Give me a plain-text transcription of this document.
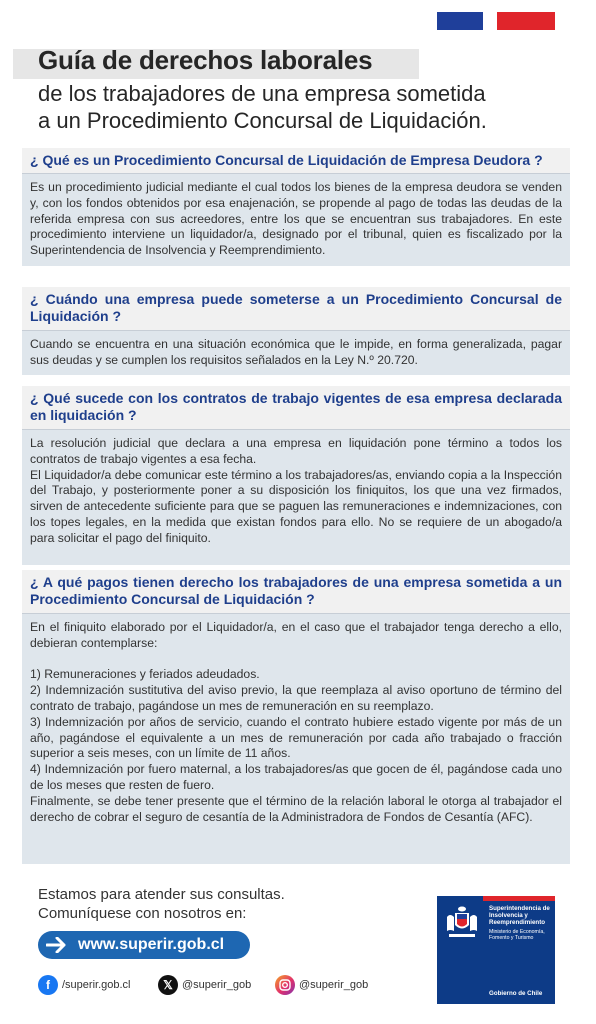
Guía de derechos laborales
de los trabajadores de una empresa sometida
a un Procedimiento Concursal de Liquidación.
¿ Qué es un Procedimiento Concursal de Liquidación de Empresa Deudora ?

Es un procedimiento judicial mediante el cual todos los bienes de la empresa deudora se venden y, con los fondos obtenidos por esa enajenación, se propende al pago de todas las deudas de la referida empresa con sus acreedores, entre los que se encuentran sus trabajadores. En este procedimiento interviene un liquidador/a, designado por el tribunal, quien es fiscalizado por la Superintendencia de Insolvencia y Reemprendimiento.

¿ Cuándo una empresa puede someterse a un Procedimiento Concursal de Liquidación ?

Cuando se encuentra en una situación económica que le impide, en forma generalizada, pagar sus deudas y se cumplen los requisitos señalados en la Ley N.º 20.720.

¿ Qué sucede con los contratos de trabajo vigentes de esa empresa declarada en liquidación ?

La resolución judicial que declara a una empresa en liquidación pone término a todos los contratos de trabajo vigentes a esa fecha.

El Liquidador/a debe comunicar este término a los trabajadores/as, enviando copia a la Inspección del Trabajo, y posteriormente poner a su disposición los finiquitos, los que una vez firmados, sirven de antecedente suficiente para que se paguen las remuneraciones e indemnizaciones, con los topes legales, en la medida que existan fondos para ello. No se requiere de un abogado/a para solicitar el pago del finiquito.

¿ A qué pagos tienen derecho los trabajadores de una empresa sometida a un Procedimiento Concursal de Liquidación ?

En el finiquito elaborado por el Liquidador/a, en el caso que el trabajador tenga derecho a ello, debieran contemplarse:

1) Remuneraciones y feriados adeudados.

2) Indemnización sustitutiva del aviso previo, la que reemplaza al aviso oportuno de término del contrato de trabajo, pagándose un mes de remuneración en su reemplazo.

3) Indemnización por años de servicio, cuando el contrato hubiere estado vigente por más de un año, pagándose el equivalente a un mes de remuneración por cada año trabajado o fracción superior a seis meses, con un límite de 11 años.

4) Indemnización por fuero maternal, a los trabajadores/as que gocen de él, pagándose cada uno de los meses que resten de fuero.

Finalmente, se debe tener presente que el término de la relación laboral le otorga al trabajador el derecho de cobrar el seguro de cesantía de la Administradora de Fondos de Cesantía (AFC).

Estamos para atender sus consultas.
Comuníquese con nosotros en:
www.superir.gob.cl
f	/superir.gob.cl	𝕏 @superir_gob	@superir_gob
Superintendencia de Insolvencia y Reemprendimiento
Ministerio de Economía, Fomento y Turismo
Gobierno de Chile
